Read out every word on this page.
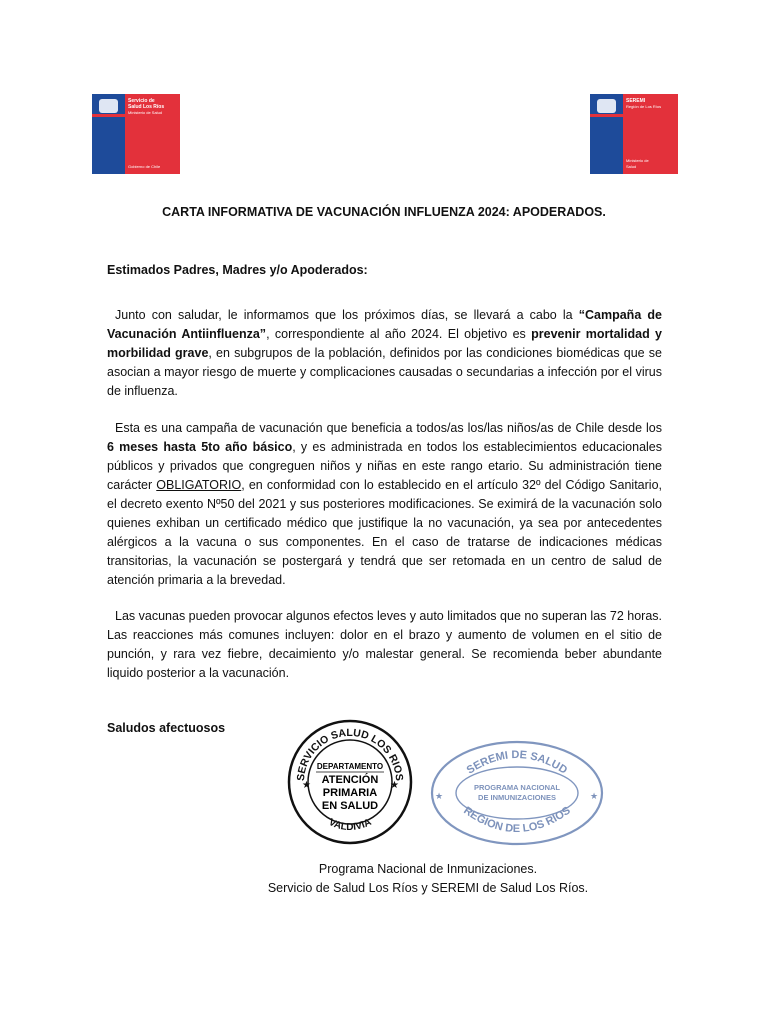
Servicio de
Salud Los Ríos
Ministerio de Salud
Gobierno de Chile
SEREMI
Región de Los Ríos
Ministerio de
Salud
CARTA INFORMATIVA DE VACUNACIÓN INFLUENZA 2024: APODERADOS.
Estimados Padres, Madres y/o Apoderados:
Junto con saludar, le informamos que los próximos días, se llevará a cabo la “Campaña de Vacunación Antiinfluenza”, correspondiente al año 2024. El objetivo es prevenir mortalidad y morbilidad grave, en subgrupos de la población, definidos por las condiciones biomédicas que se asocian a mayor riesgo de muerte y complicaciones causadas o secundarias a infección por el virus de influenza.
Esta es una campaña de vacunación que beneficia a todos/as los/las niños/as de Chile desde los 6 meses hasta 5to año básico, y es administrada en todos los establecimientos educacionales públicos y privados que congreguen niños y niñas en este rango etario. Su administración tiene carácter OBLIGATORIO, en conformidad con lo establecido en el artículo 32º del Código Sanitario, el decreto exento Nº50 del 2021 y sus posteriores modificaciones. Se eximirá de la vacunación solo quienes exhiban un certificado médico que justifique la no vacunación, ya sea por antecedentes alérgicos a la vacuna o sus componentes. En el caso de tratarse de indicaciones médicas transitorias, la vacunación se postergará y tendrá que ser retomada en un centro de salud de atención primaria a la brevedad.
Las vacunas pueden provocar algunos efectos leves y auto limitados que no superan las 72 horas. Las reacciones más comunes incluyen: dolor en el brazo y aumento de volumen en el sitio de punción, y rara vez fiebre, decaimiento y/o malestar general. Se recomienda beber abundante liquido posterior a la vacunación.
Saludos afectuosos
SERVICIO SALUD LOS RIOS
VALDIVIA
★	★
DEPARTAMENTO
ATENCIÓN
PRIMARIA
EN SALUD
SEREMI DE SALUD
REGION DE LOS RIOS
★	★
PROGRAMA NACIONAL
DE INMUNIZACIONES
Programa Nacional de Inmunizaciones.
Servicio de Salud Los Ríos y SEREMI de Salud Los Ríos.
